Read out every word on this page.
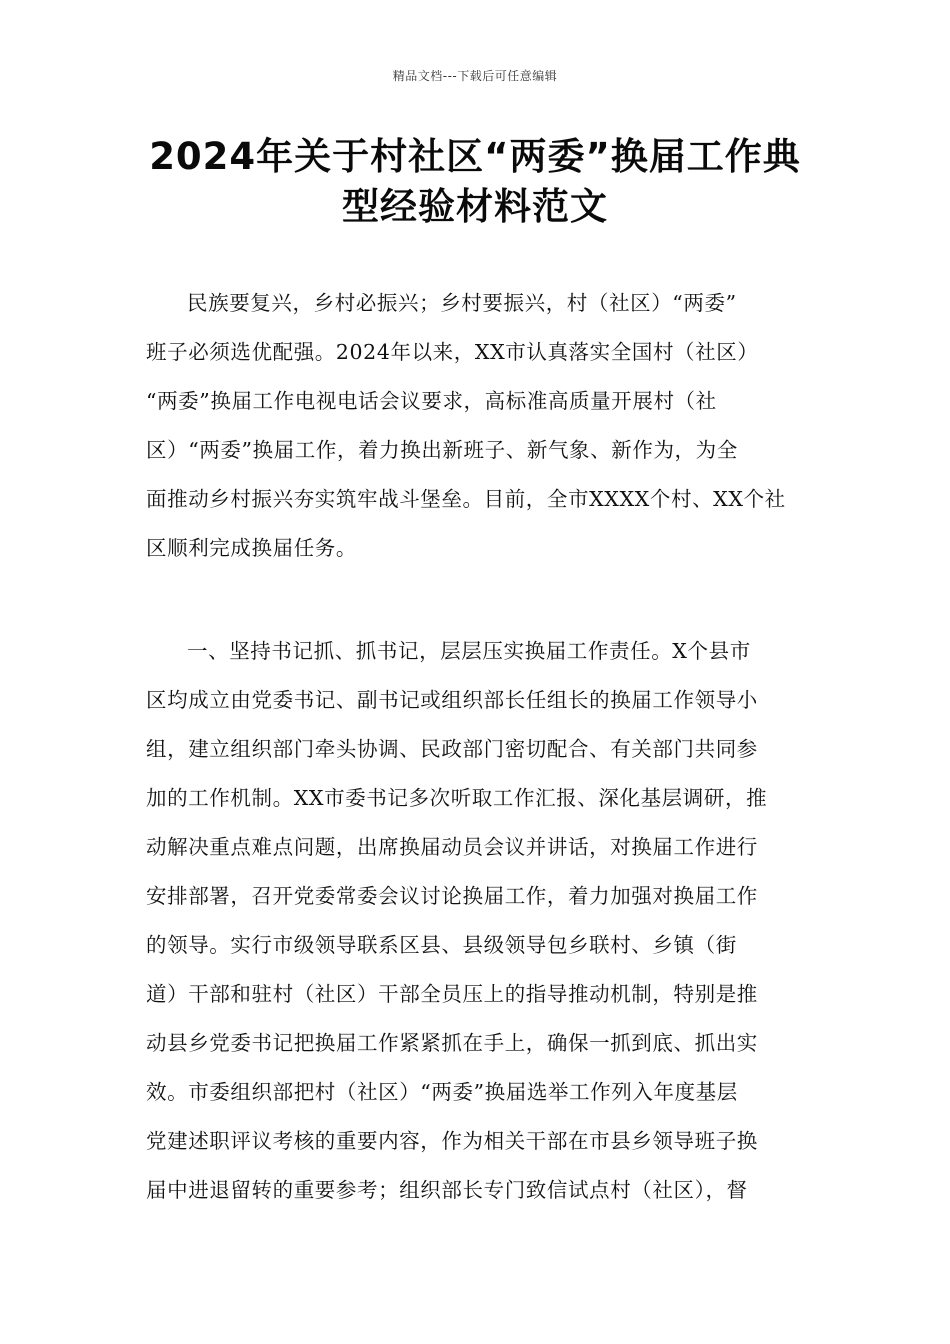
精品文档---下载后可任意编辑
2024年关于村社区“两委”换届工作典
型经验材料范文
民族要复兴，乡村必振兴；乡村要振兴，村（社区）“两委”
班子必须选优配强。2024年以来，XX市认真落实全国村（社区）
“两委”换届工作电视电话会议要求，高标准高质量开展村（社
区）“两委”换届工作，着力换出新班子、新气象、新作为，为全
面推动乡村振兴夯实筑牢战斗堡垒。目前，全市XXXX个村、XX个社
区顺利完成换届任务。
一、坚持书记抓、抓书记，层层压实换届工作责任。X个县市
区均成立由党委书记、副书记或组织部长任组长的换届工作领导小
组，建立组织部门牵头协调、民政部门密切配合、有关部门共同参
加的工作机制。XX市委书记多次听取工作汇报、深化基层调研，推
动解决重点难点问题，出席换届动员会议并讲话，对换届工作进行
安排部署，召开党委常委会议讨论换届工作，着力加强对换届工作
的领导。实行市级领导联系区县、县级领导包乡联村、乡镇（街
道）干部和驻村（社区）干部全员压上的指导推动机制，特别是推
动县乡党委书记把换届工作紧紧抓在手上，确保一抓到底、抓出实
效。市委组织部把村（社区）“两委”换届选举工作列入年度基层
党建述职评议考核的重要内容，作为相关干部在市县乡领导班子换
届中进退留转的重要参考；组织部长专门致信试点村（社区），督
